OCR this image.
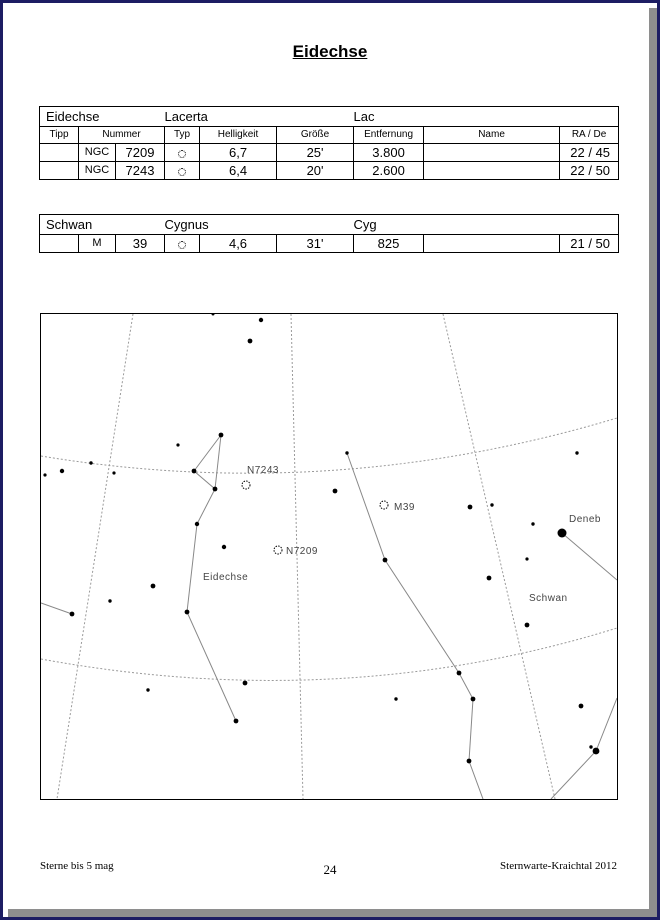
Eidechse
Eidechse			Lacerta			Lac		
Tipp	Nummer		Typ	Helligkeit	Größe	Entfernung	Name	RA / De
	NGC	7209		6,7	25'	3.800		22 / 45
	NGC	7243		6,4	20'	2.600		22 / 50
Schwan			Cygnus			Cyg		
	M	39		4,6	31'	825		21 / 50
N7243
N7209
M39
Eidechse
Schwan
Deneb
Sterne bis 5 mag	24	Sternwarte-Kraichtal 2012
